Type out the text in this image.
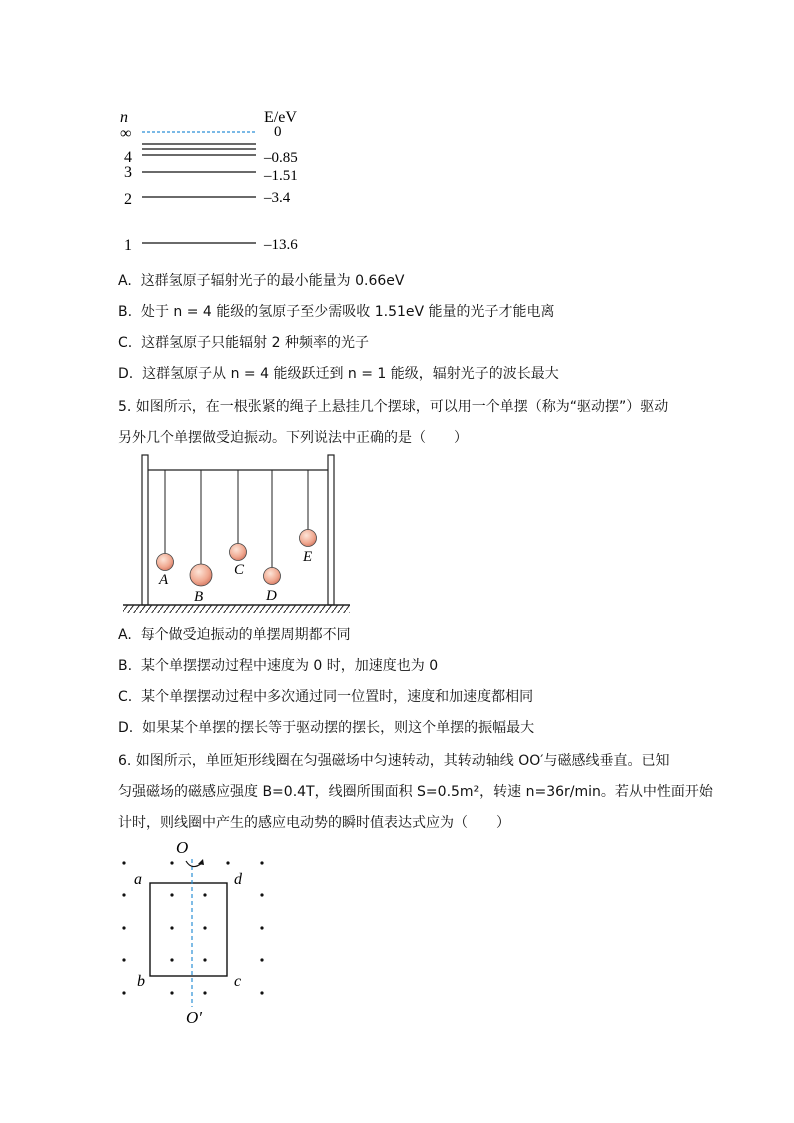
n	E/eV
∞	0
4	–0.85
3	–1.51
2	–3.4
1	–13.6
A. 这群氢原子辐射光子的最小能量为 0.66eV
B. 处于 n = 4 能级的氢原子至少需吸收 1.51eV 能量的光子才能电离
C. 这群氢原子只能辐射 2 种频率的光子
D. 这群氢原子从 n = 4 能级跃迁到 n = 1 能级，辐射光子的波长最大
5. 如图所示，在一根张紧的绳子上悬挂几个摆球，可以用一个单摆（称为“驱动摆”）驱动
另外几个单摆做受迫振动。下列说法中正确的是（　　）
A
B
C
D
E
A. 每个做受迫振动的单摆周期都不同
B. 某个单摆摆动过程中速度为 0 时，加速度也为 0
C. 某个单摆摆动过程中多次通过同一位置时，速度和加速度都相同
D. 如果某个单摆的摆长等于驱动摆的摆长，则这个单摆的振幅最大
6. 如图所示，单匝矩形线圈在匀强磁场中匀速转动，其转动轴线 OO′与磁感线垂直。已知
匀强磁场的磁感应强度 B=0.4T，线圈所围面积 S=0.5m²，转速 n=36r/min。若从中性面开始
计时，则线圈中产生的感应电动势的瞬时值表达式应为（　　）
O
O′
a	d
b	c
